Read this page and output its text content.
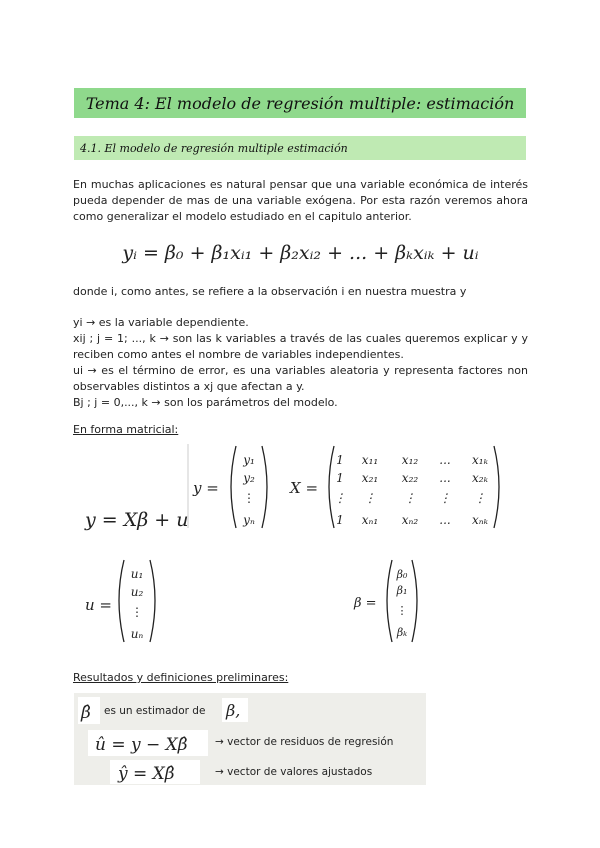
Tema 4: El modelo de regresión multiple: estimación
4.1. El modelo de regresión multiple estimación
En muchas aplicaciones es natural pensar que una variable económica de interés pueda depender de mas de una variable exógena. Por esta razón veremos ahora como generalizar el modelo estudiado en el capitulo anterior.
yᵢ = β₀ + β₁xᵢ₁ + β₂xᵢ₂ + ... + βₖxᵢₖ + uᵢ
donde i, como antes, se refiere a la observación i en nuestra muestra y
yi → es la variable dependiente.
xij ; j = 1; ..., k → son las k variables a través de las cuales queremos explicar y y reciben como antes el nombre de variables independientes.
ui → es el término de error, es una variables aleatoria y representa factores non observables distintos a xj que afectan a y.
Bj ; j = 0,..., k → son los parámetros del modelo.
En forma matricial:
y = Xβ + u
y =
y₁
y₂
⋮
yₙ
X =
1 x₁₁ x₁₂ ... x₁ₖ
1 x₂₁ x₂₂ ... x₂ₖ
⋮ ⋮ ⋮ ⋮ ⋮
1 xₙ₁ xₙ₂ ... xₙₖ
u =
u₁
u₂
⋮
uₙ
β =
β₀
β₁
⋮
βₖ
Resultados y definiciones preliminares:
β̂ es un estimador de β,
û = y − Xβ̂	→ vector de residuos de regresión
ŷ = Xβ̂	→ vector de valores ajustados
